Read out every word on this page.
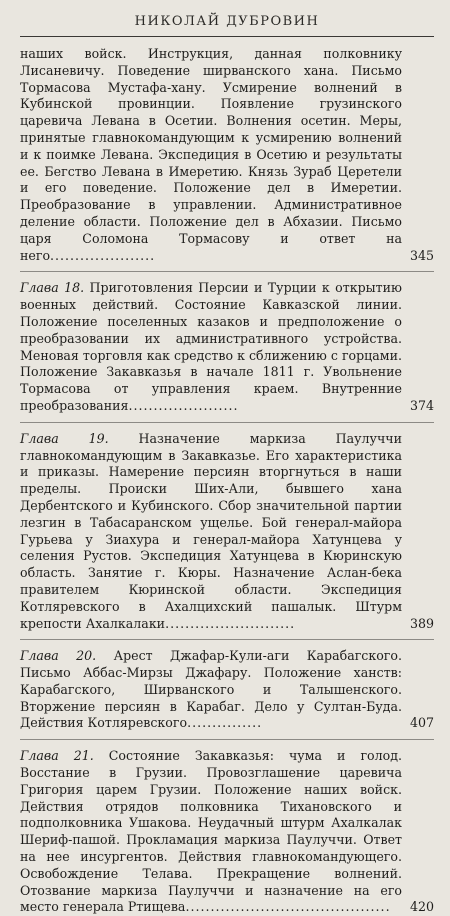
НИКОЛАЙ ДУБРОВИН

наших войск. Инструкция, данная полковнику Лисаневичу. Поведение ширванского хана. Письмо Тормасова Мустафа-хану. Усмирение волнений в Кубинской провинции. Появление грузинского царевича Левана в Осетии. Волнения осетин. Меры, принятые главнокомандующим к усмирению волнений и к поимке Левана. Экспедиция в Осетию и результаты ее. Бегство Левана в Имеретию. Князь Зураб Церетели и его поведение. Положение дел в Имеретии. Преобразование в управлении. Административное деление области. Положение дел в Абхазии. Письмо царя Соломона Тормасову и ответ на него.....................	345

Глава 18. Приготовления Персии и Турции к открытию военных действий. Состояние Кавказской линии. Положение поселенных казаков и предположение о преобразовании их административного устройства. Меновая торговля как средство к сближению с горцами. Положение Закавказья в начале 1811 г. Увольнение Тормасова от управления краем. Внутренние преобразования......................	374

Глава 19. Назначение маркиза Паулуччи главнокомандующим в Закавказье. Его характеристика и приказы. Намерение персиян вторгнуться в наши пределы. Происки Ших-Али, бывшего хана Дербентского и Кубинского. Сбор значительной партии лезгин в Табасаранском ущелье. Бой генерал-майора Гурьева у Зиахура и генерал-майора Хатунцева у селения Рустов. Экспедиция Хатунцева в Кюринскую область. Занятие г. Кюры. Назначение Аслан-бека правителем Кюринской области. Экспедиция Котляревского в Ахалцихский пашалык. Штурм крепости Ахалкалаки..........................	389

Глава 20. Арест Джафар-Кули-аги Карабагского. Письмо Аббас-Мирзы Джафару. Положение ханств: Карабагского, Ширванского и Талышенского. Вторжение персиян в Карабаг. Дело у Султан-Буда. Действия Котляревского...............	407

Глава 21. Состояние Закавказья: чума и голод. Восстание в Грузии. Провозглашение царевича Григория царем Грузии. Положение наших войск. Действия отрядов полковника Тихановского и подполковника Ушакова. Неудачный штурм Ахалкалак Шериф-пашой. Прокламация маркиза Паулуччи. Ответ на нее инсургентов. Действия главнокомандующего. Освобождение Телава. Прекращение волнений. Отозвание маркиза Паулуччи и назначение на его место генерала Ртищева.........................................	420
